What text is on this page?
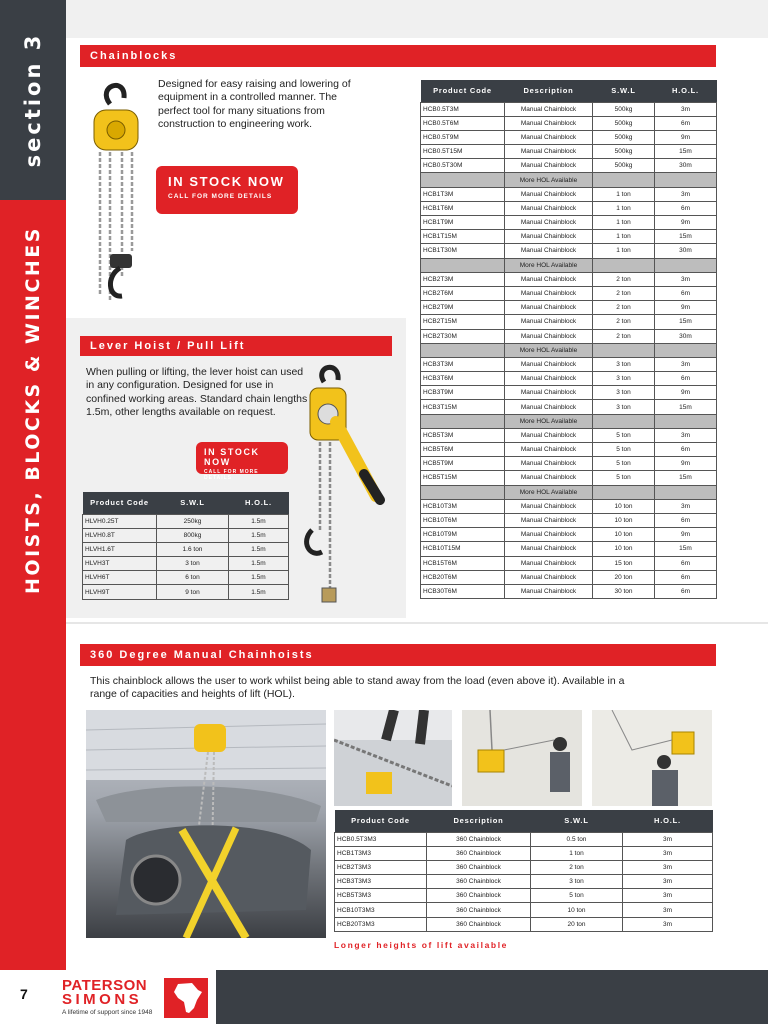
section 3
HOISTS, BLOCKS & WINCHES
Chainblocks
Designed for easy raising and lowering of equipment in a controlled manner. The perfect tool for many situations from construction to engineering work.
IN STOCK NOW
CALL FOR MORE DETAILS
Product Code	Description	S.W.L	H.O.L.
HCB0.5T3M	Manual Chainblock	500kg	3m
HCB0.5T6M	Manual Chainblock	500kg	6m
HCB0.5T9M	Manual Chainblock	500kg	9m
HCB0.5T15M	Manual Chainblock	500kg	15m
HCB0.5T30M	Manual Chainblock	500kg	30m
	More HOL Available		
HCB1T3M	Manual Chainblock	1 ton	3m
HCB1T6M	Manual Chainblock	1 ton	6m
HCB1T9M	Manual Chainblock	1 ton	9m
HCB1T15M	Manual Chainblock	1 ton	15m
HCB1T30M	Manual Chainblock	1 ton	30m
	More HOL Available		
HCB2T3M	Manual Chainblock	2 ton	3m
HCB2T6M	Manual Chainblock	2 ton	6m
HCB2T9M	Manual Chainblock	2 ton	9m
HCB2T15M	Manual Chainblock	2 ton	15m
HCB2T30M	Manual Chainblock	2 ton	30m
	More HOL Available		
HCB3T3M	Manual Chainblock	3 ton	3m
HCB3T6M	Manual Chainblock	3 ton	6m
HCB3T9M	Manual Chainblock	3 ton	9m
HCB3T15M	Manual Chainblock	3 ton	15m
	More HOL Available		
HCB5T3M	Manual Chainblock	5 ton	3m
HCB5T6M	Manual Chainblock	5 ton	6m
HCB5T9M	Manual Chainblock	5 ton	9m
HCB5T15M	Manual Chainblock	5 ton	15m
	More HOL Available		
HCB10T3M	Manual Chainblock	10 ton	3m
HCB10T6M	Manual Chainblock	10 ton	6m
HCB10T9M	Manual Chainblock	10 ton	9m
HCB10T15M	Manual Chainblock	10 ton	15m
HCB15T6M	Manual Chainblock	15 ton	6m
HCB20T6M	Manual Chainblock	20 ton	6m
HCB30T6M	Manual Chainblock	30 ton	6m
Lever Hoist / Pull Lift
When pulling or lifting, the lever hoist can used in any configuration. Designed for use in confined working areas. Standard chain lengths 1.5m, other lengths available on request.
IN STOCK NOW
CALL FOR MORE DETAILS
Product Code	S.W.L	H.O.L.
HLVH0.25T	250kg	1.5m
HLVH0.8T	800kg	1.5m
HLVH1.6T	1.6 ton	1.5m
HLVH3T	3 ton	1.5m
HLVH6T	6 ton	1.5m
HLVH9T	9 ton	1.5m
360 Degree Manual Chainhoists
This chainblock allows the user to work whilst being able to stand away from the load (even above it). Available in a range of capacities and heights of lift (HOL).
Product Code	Description	S.W.L	H.O.L.
HCB0.5T3M3	360 Chainblock	0.5 ton	3m
HCB1T3M3	360 Chainblock	1 ton	3m
HCB2T3M3	360 Chainblock	2 ton	3m
HCB3T3M3	360 Chainblock	3 ton	3m
HCB5T3M3	360 Chainblock	5 ton	3m
HCB10T3M3	360 Chainblock	10 ton	3m
HCB20T3M3	360 Chainblock	20 ton	3m
Longer heights of lift available
7 PATERSON
SIMONS
A lifetime of support since 1948
